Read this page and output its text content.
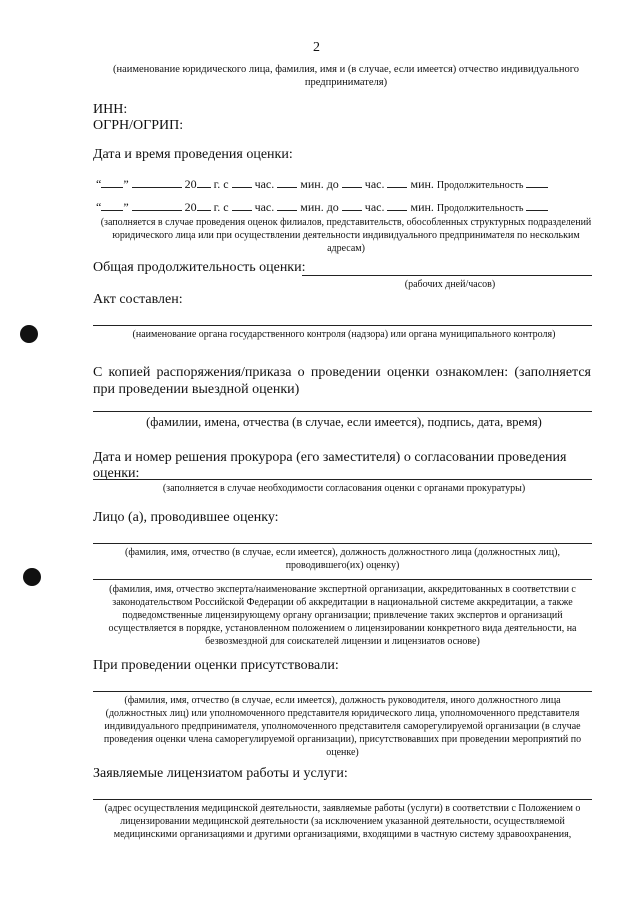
2
(наименование юридического лица, фамилия, имя и (в случае, если имеется) отчество индивидуального предпринимателя)
ИНН:
ОГРН/ОГРИП:
Дата и время проведения оценки:
“ ”	20 г. с час. мин. до час. мин. Продолжительность
“ ”	20 г. с час. мин. до час. мин. Продолжительность
(заполняется в случае проведения оценок филиалов, представительств, обособленных структурных подразделений юридического лица или при осуществлении деятельности индивидуального предпринимателя по нескольким адресам)
Общая продолжительность оценки:
(рабочих дней/часов)
Акт составлен:
(наименование органа государственного контроля (надзора) или органа муниципального контроля)
С копией распоряжения/приказа о проведении оценки ознакомлен: (заполняется при проведении выездной оценки)
(фамилии, имена, отчества (в случае, если имеется), подпись, дата, время)
Дата и номер решения прокурора (его заместителя) о согласовании проведения оценки:
(заполняется в случае необходимости согласования оценки с органами прокуратуры)
Лицо (а), проводившее оценку:
(фамилия, имя, отчество (в случае, если имеется), должность должностного лица (должностных лиц), проводившего(их) оценку)
(фамилия, имя, отчество эксперта/наименование экспертной организации, аккредитованных в соответствии с законодательством Российской Федерации об аккредитации в национальной системе аккредитации, а также подведомственные лицензирующему органу организации; привлечение таких экспертов и организаций осуществляется в порядке, установленном положением о лицензировании конкретного вида деятельности, на безвозмездной для соискателей лицензии и лицензиатов основе)
При проведении оценки присутствовали:
(фамилия, имя, отчество (в случае, если имеется), должность руководителя, иного должностного лица (должностных лиц) или уполномоченного представителя юридического лица, уполномоченного представителя индивидуального предпринимателя, уполномоченного представителя саморегулируемой организации (в случае проведения оценки члена саморегулируемой организации), присутствовавших при проведении мероприятий по оценке)
Заявляемые лицензиатом работы и услуги:
(адрес осуществления медицинской деятельности, заявляемые работы (услуги) в соответствии с Положением о лицензировании медицинской деятельности (за исключением указанной деятельности, осуществляемой медицинскими организациями и другими организациями, входящими в частную систему здравоохранения,
